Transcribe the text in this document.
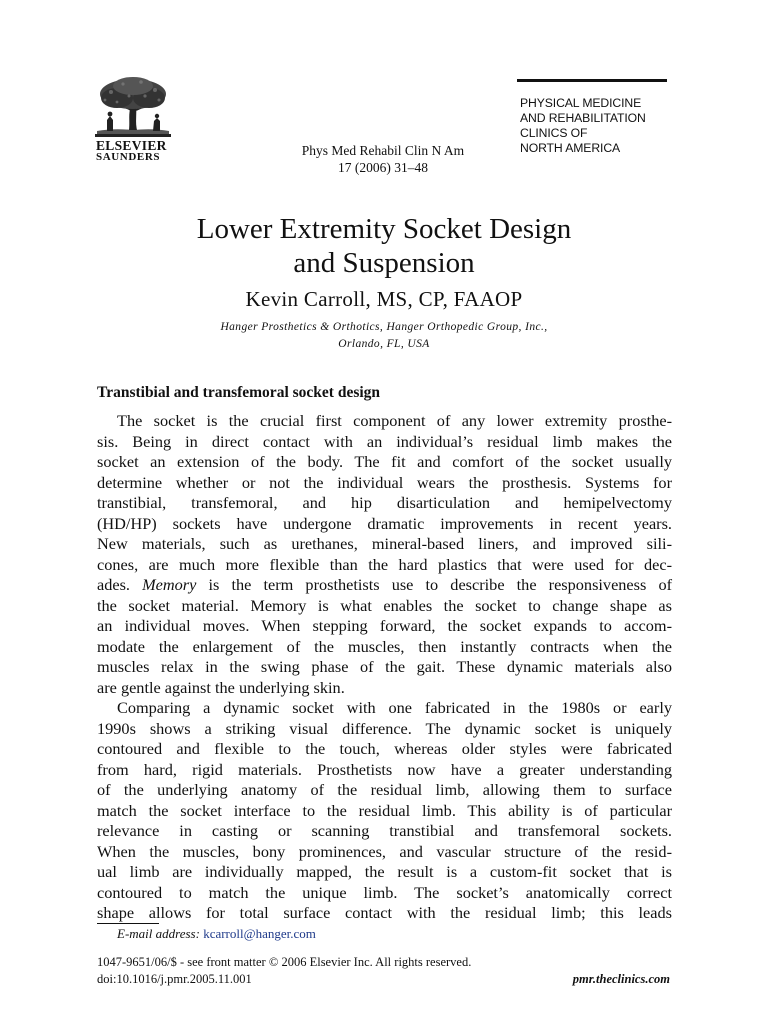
ELSEVIER
SAUNDERS	Phys Med Rehabil Clin N Am
17 (2006) 31–48
PHYSICAL MEDICINE
AND REHABILITATION
CLINICS OF
NORTH AMERICA
Lower Extremity Socket Design
and Suspension
Kevin Carroll, MS, CP, FAAOP
Hanger Prosthetics & Orthotics, Hanger Orthopedic Group, Inc.,
Orlando, FL, USA
Transtibial and transfemoral socket design
The socket is the crucial first component of any lower extremity prosthe-
sis. Being in direct contact with an individual’s residual limb makes the
socket an extension of the body. The fit and comfort of the socket usually
determine whether or not the individual wears the prosthesis. Systems for
transtibial, transfemoral, and hip disarticulation and hemipelvectomy
(HD/HP) sockets have undergone dramatic improvements in recent years.
New materials, such as urethanes, mineral-based liners, and improved sili-
cones, are much more flexible than the hard plastics that were used for dec-
ades. Memory is the term prosthetists use to describe the responsiveness of
the socket material. Memory is what enables the socket to change shape as
an individual moves. When stepping forward, the socket expands to accom-
modate the enlargement of the muscles, then instantly contracts when the
muscles relax in the swing phase of the gait. These dynamic materials also
are gentle against the underlying skin.
Comparing a dynamic socket with one fabricated in the 1980s or early
1990s shows a striking visual difference. The dynamic socket is uniquely
contoured and flexible to the touch, whereas older styles were fabricated
from hard, rigid materials. Prosthetists now have a greater understanding
of the underlying anatomy of the residual limb, allowing them to surface
match the socket interface to the residual limb. This ability is of particular
relevance in casting or scanning transtibial and transfemoral sockets.
When the muscles, bony prominences, and vascular structure of the resid-
ual limb are individually mapped, the result is a custom-fit socket that is
contoured to match the unique limb. The socket’s anatomically correct
shape allows for total surface contact with the residual limb; this leads
E-mail address: kcarroll@hanger.com
1047-9651/06/$ - see front matter © 2006 Elsevier Inc. All rights reserved.
doi:10.1016/j.pmr.2005.11.001	pmr.theclinics.com
